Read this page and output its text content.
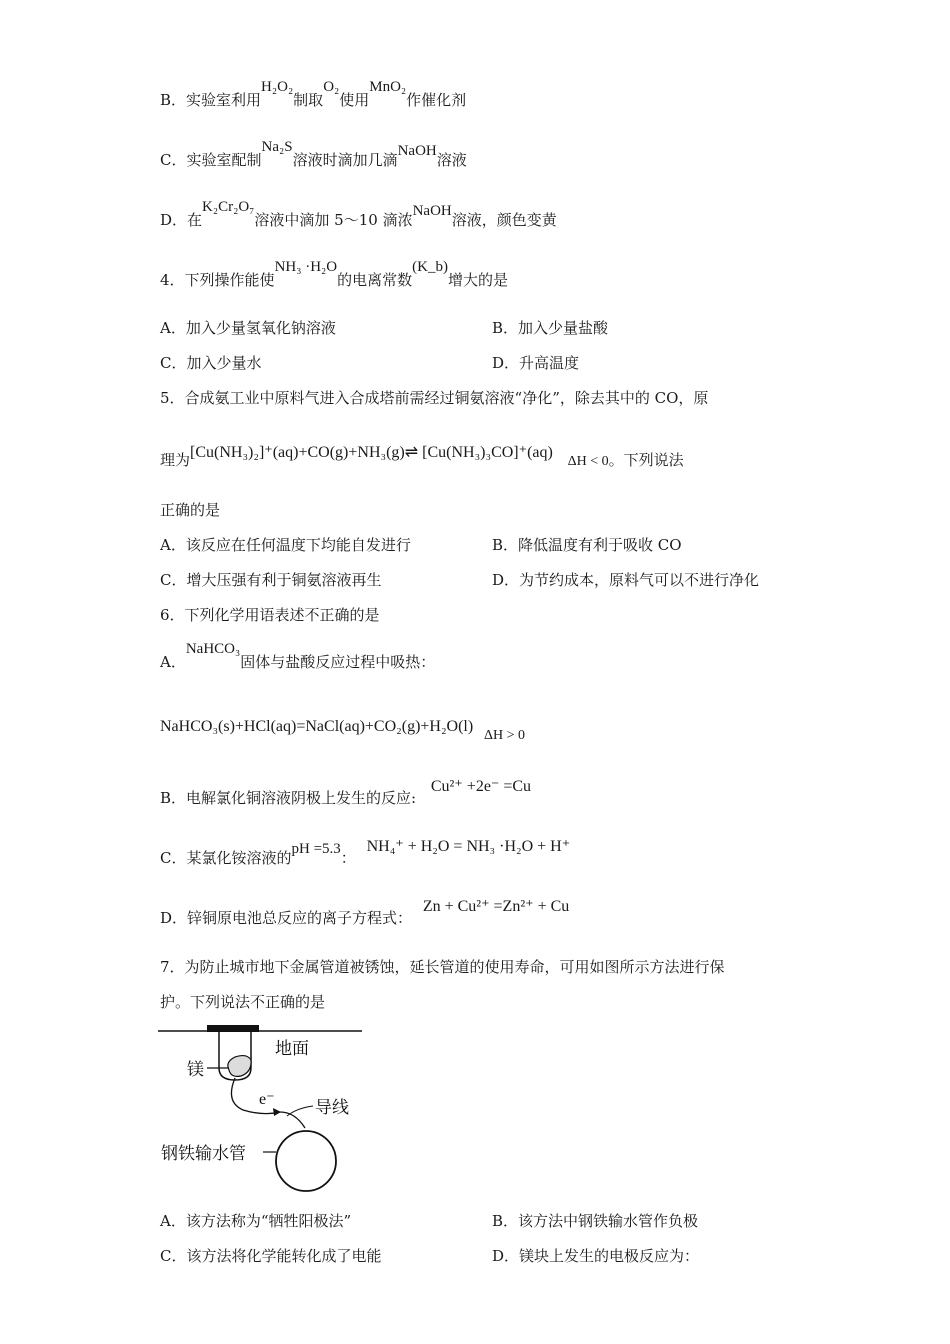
B．实验室利用H₂O₂制取O₂使用MnO₂作催化剂
C．实验室配制Na₂S溶液时滴加几滴NaOH溶液
D．在K₂Cr₂O₇溶液中滴加 5～10 滴浓NaOH溶液，颜色变黄
4．下列操作能使NH₃ ·H₂O的电离常数(K_b)增大的是
A．加入少量氢氧化钠溶液	B．加入少量盐酸
C．加入少量水	D．升高温度
5．合成氨工业中原料气进入合成塔前需经过铜氨溶液“净化”，除去其中的 CO，原
理为[Cu(NH₃)₂]⁺(aq)+CO(g)+NH₃(g)⇌ [Cu(NH₃)₃CO]⁺(aq) ΔH < 0。下列说法
正确的是
A．该反应在任何温度下均能自发进行	B．降低温度有利于吸收 CO
C．增大压强有利于铜氨溶液再生	D．为节约成本，原料气可以不进行净化
6．下列化学用语表述不正确的是
A．NaHCO₃固体与盐酸反应过程中吸热：
NaHCO₃(s)+HCl(aq)=NaCl(aq)+CO₂(g)+H₂O(l) ΔH > 0
B．电解氯化铜溶液阴极上发生的反应: Cu²⁺ +2e⁻ =Cu
C．某氯化铵溶液的pH =5.3： NH₄⁺ + H₂O = NH₃ ·H₂O + H⁺
D．锌铜原电池总反应的离子方程式： Zn + Cu²⁺ =Zn²⁺ + Cu
7．为防止城市地下金属管道被锈蚀，延长管道的使用寿命，可用如图所示方法进行保
护。下列说法不正确的是
地面
镁
e⁻ 导线
钢铁输水管
A．该方法称为“牺牲阳极法”	B．该方法中钢铁输水管作负极
C．该方法将化学能转化成了电能	D．镁块上发生的电极反应为：
